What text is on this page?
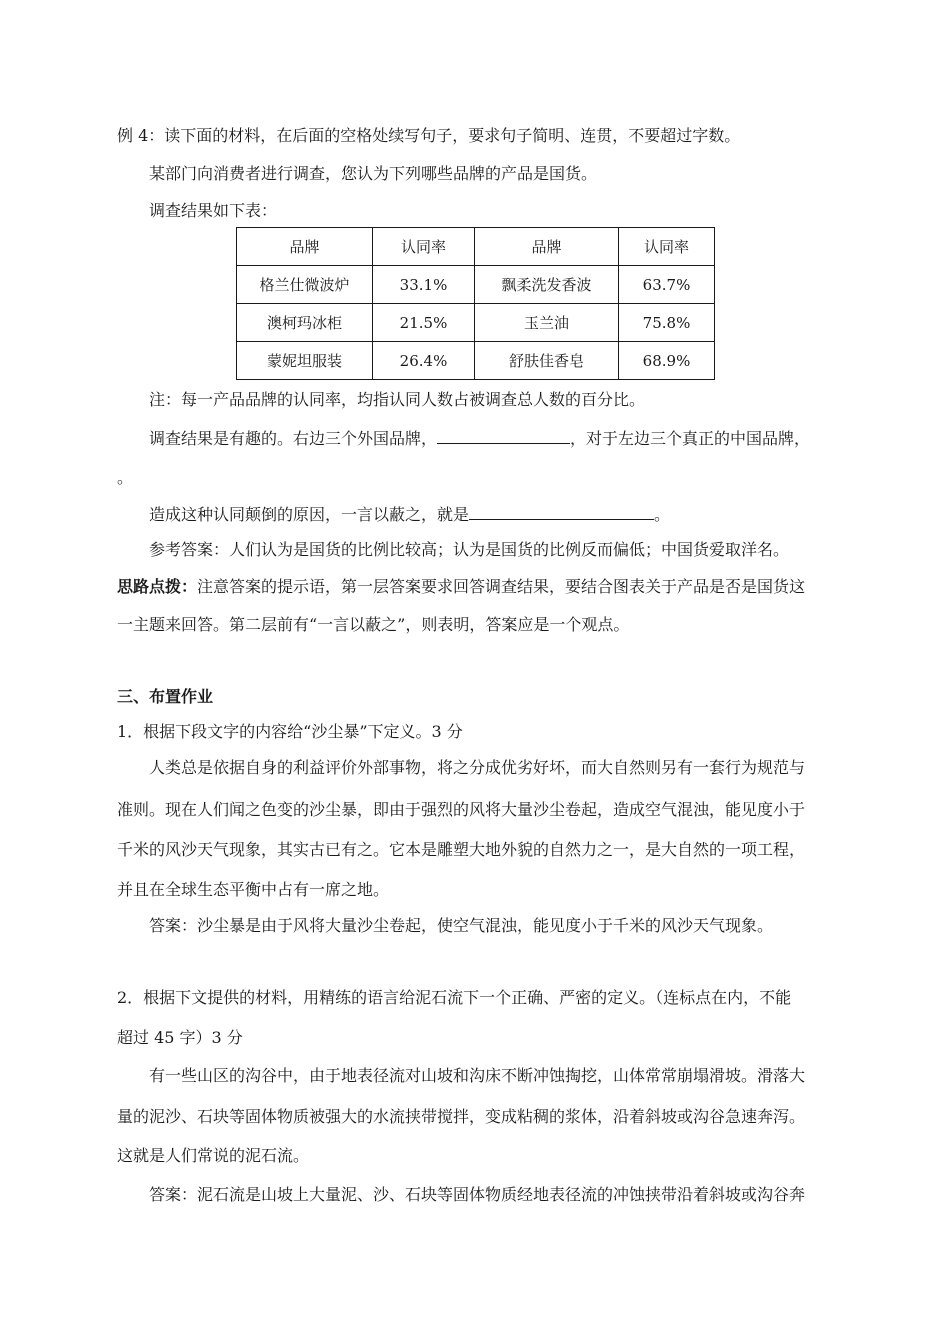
例 4：读下面的材料，在后面的空格处续写句子，要求句子简明、连贯，不要超过字数。
某部门向消费者进行调查，您认为下列哪些品牌的产品是国货。
调查结果如下表：
品牌	认同率	品牌	认同率
格兰仕微波炉	33.1%	飘柔洗发香波	63.7%
澳柯玛冰柜	21.5%	玉兰油	75.8%
蒙妮坦服装	26.4%	舒肤佳香皂	68.9%
注：每一产品品牌的认同率，均指认同人数占被调查总人数的百分比。
调查结果是有趣的。右边三个外国品牌，	，对于左边三个真正的中国品牌，
。
造成这种认同颠倒的原因，一言以蔽之，就是	。
参考答案：人们认为是国货的比例比较高；认为是国货的比例反而偏低；中国货爱取洋名。
思路点拨：注意答案的提示语，第一层答案要求回答调查结果，要结合图表关于产品是否是国货这
一主题来回答。第二层前有“一言以蔽之”，则表明，答案应是一个观点。
三、布置作业
1．根据下段文字的内容给“沙尘暴”下定义。3 分
人类总是依据自身的利益评价外部事物，将之分成优劣好坏，而大自然则另有一套行为规范与
准则。现在人们闻之色变的沙尘暴，即由于强烈的风将大量沙尘卷起，造成空气混浊，能见度小于
千米的风沙天气现象，其实古已有之。它本是雕塑大地外貌的自然力之一，是大自然的一项工程，
并且在全球生态平衡中占有一席之地。
答案：沙尘暴是由于风将大量沙尘卷起，使空气混浊，能见度小于千米的风沙天气现象。
2．根据下文提供的材料，用精练的语言给泥石流下一个正确、严密的定义。（连标点在内，不能
超过 45 字）3 分
有一些山区的沟谷中，由于地表径流对山坡和沟床不断冲蚀掏挖，山体常常崩塌滑坡。滑落大
量的泥沙、石块等固体物质被强大的水流挟带搅拌，变成粘稠的浆体，沿着斜坡或沟谷急速奔泻。
这就是人们常说的泥石流。
答案：泥石流是山坡上大量泥、沙、石块等固体物质经地表径流的冲蚀挟带沿着斜坡或沟谷奔
